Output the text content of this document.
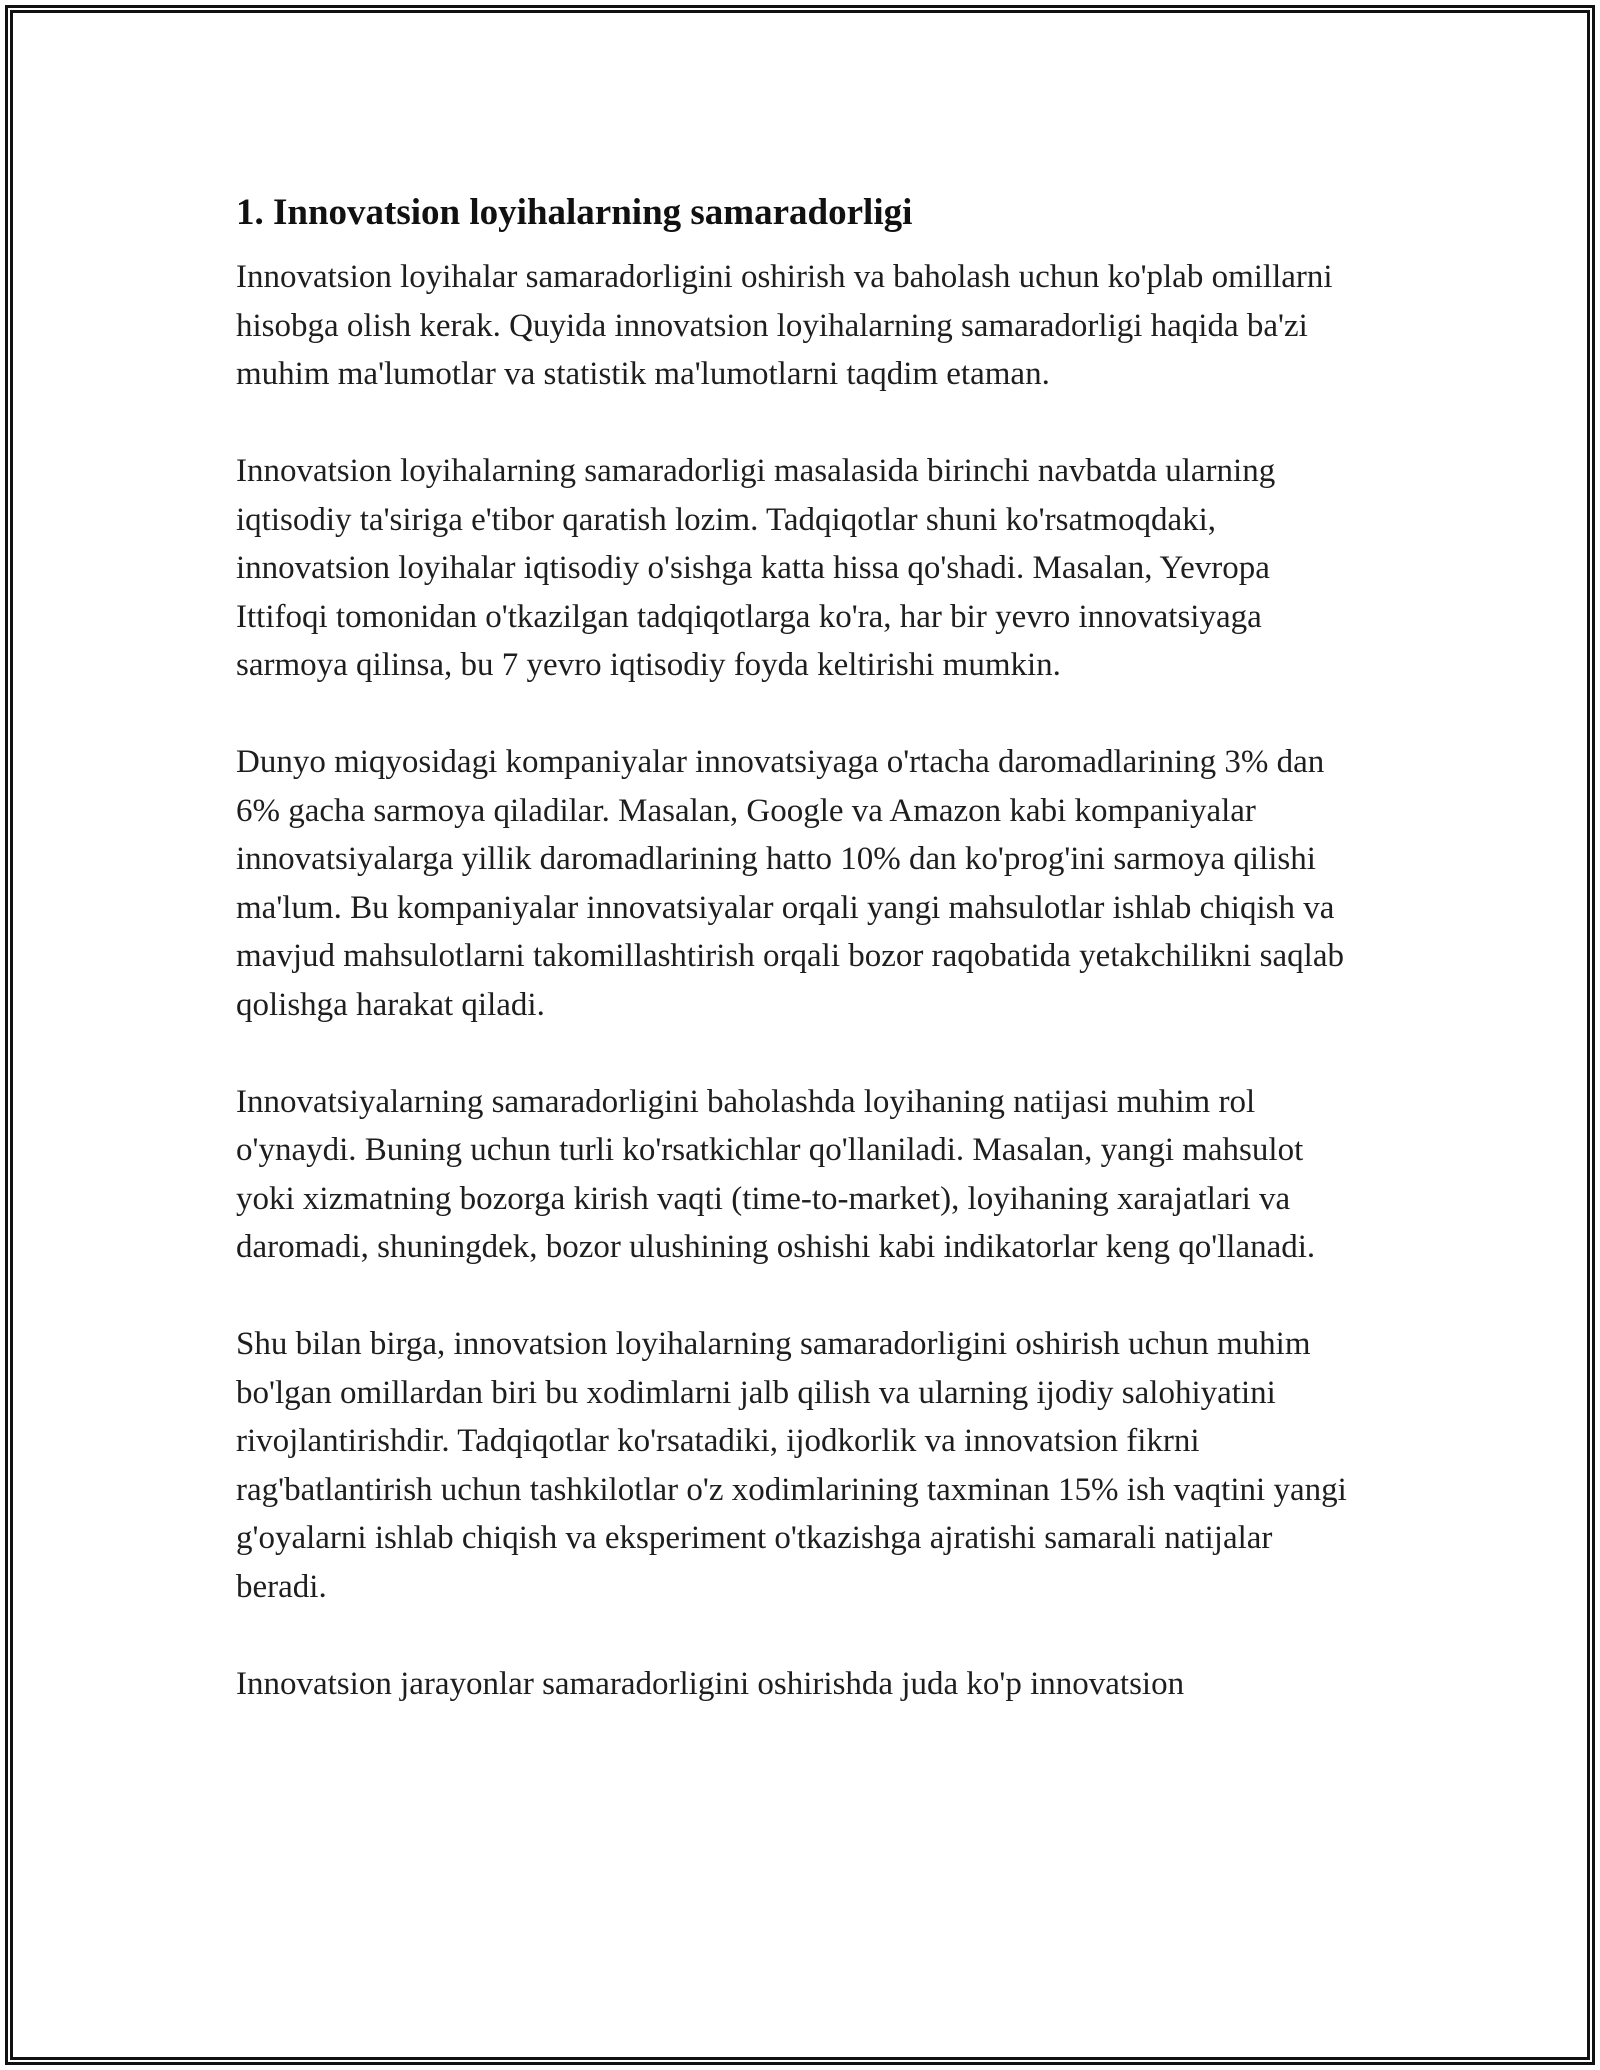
1. Innovatsion loyihalarning samaradorligi

Innovatsion loyihalar samaradorligini oshirish va baholash uchun ko'plab omillarni hisobga olish kerak. Quyida innovatsion loyihalarning samaradorligi haqida ba'zi muhim ma'lumotlar va statistik ma'lumotlarni taqdim etaman.

Innovatsion loyihalarning samaradorligi masalasida birinchi navbatda ularning iqtisodiy ta'siriga e'tibor qaratish lozim. Tadqiqotlar shuni ko'rsatmoqdaki, innovatsion loyihalar iqtisodiy o'sishga katta hissa qo'shadi. Masalan, Yevropa Ittifoqi tomonidan o'tkazilgan tadqiqotlarga ko'ra, har bir yevro innovatsiyaga sarmoya qilinsa, bu 7 yevro iqtisodiy foyda keltirishi mumkin.

Dunyo miqyosidagi kompaniyalar innovatsiyaga o'rtacha daromadlarining 3% dan 6% gacha sarmoya qiladilar. Masalan, Google va Amazon kabi kompaniyalar innovatsiyalarga yillik daromadlarining hatto 10% dan ko'prog'ini sarmoya qilishi ma'lum. Bu kompaniyalar innovatsiyalar orqali yangi mahsulotlar ishlab chiqish va mavjud mahsulotlarni takomillashtirish orqali bozor raqobatida yetakchilikni saqlab qolishga harakat qiladi.

Innovatsiyalarning samaradorligini baholashda loyihaning natijasi muhim rol o'ynaydi. Buning uchun turli ko'rsatkichlar qo'llaniladi. Masalan, yangi mahsulot yoki xizmatning bozorga kirish vaqti (time-to-market), loyihaning xarajatlari va daromadi, shuningdek, bozor ulushining oshishi kabi indikatorlar keng qo'llanadi.

Shu bilan birga, innovatsion loyihalarning samaradorligini oshirish uchun muhim bo'lgan omillardan biri bu xodimlarni jalb qilish va ularning ijodiy salohiyatini rivojlantirishdir. Tadqiqotlar ko'rsatadiki, ijodkorlik va innovatsion fikrni rag'batlantirish uchun tashkilotlar o'z xodimlarining taxminan 15% ish vaqtini yangi g'oyalarni ishlab chiqish va eksperiment o'tkazishga ajratishi samarali natijalar beradi.

Innovatsion jarayonlar samaradorligini oshirishda juda ko'p innovatsion
